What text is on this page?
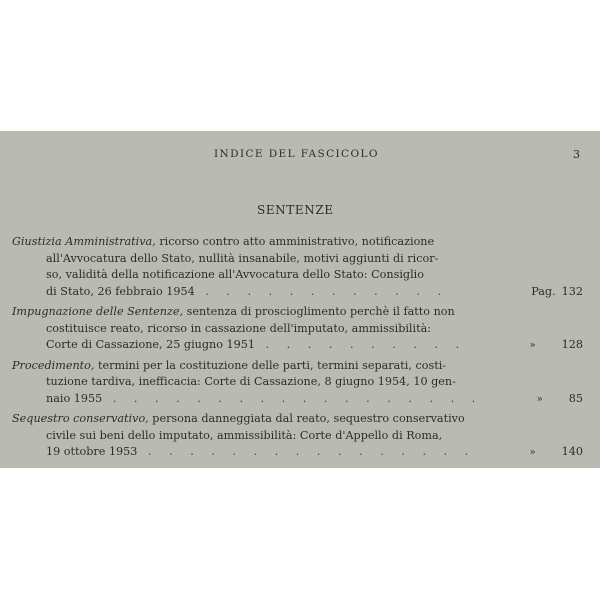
INDICE DEL FASCICOLO	3
SENTENZE
Giustizia Amministrativa, ricorso contro atto amministrativo, notificazione
all'Avvocatura dello Stato, nullità insanabile, motivi aggiunti di ricor-
so, validità della notificazione all'Avvocatura dello Stato: Consiglio
di Stato, 26 febbraio 1954 . . . . . . . . . . . .	Pag. 132
Impugnazione delle Sentenze, sentenza di proscioglimento perchè il fatto non
costituisce reato, ricorso in cassazione dell'imputato, ammissibilità:
Corte di Cassazione, 25 giugno 1951 . . . . . . . . . .	» 128
Procedimento, termini per la costituzione delle parti, termini separati, costi-
tuzione tardiva, inefficacia: Corte di Cassazione, 8 giugno 1954, 10 gen-
naio 1955 . . . . . . . . . . . . . . . . . .	» 85
Sequestro conservativo, persona danneggiata dal reato, sequestro conservativo
civile sui beni dello imputato, ammissibilità: Corte d'Appello di Roma,
19 ottobre 1953 . . . . . . . . . . . . . . . .	» 140
